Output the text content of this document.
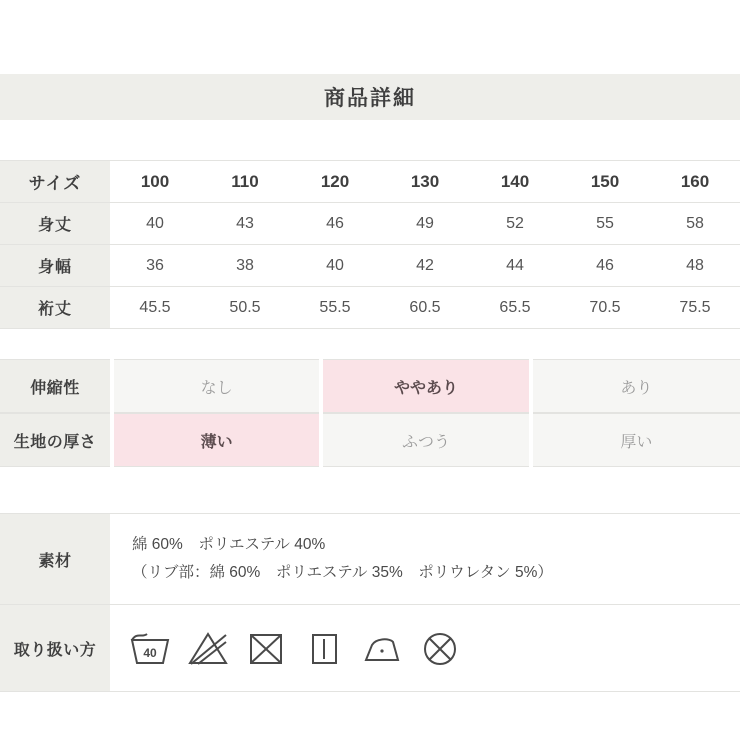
商品詳細
サイズ	100	110	120	130	140	150	160
身丈	40	43	46	49	52	55	58
身幅	36	38	40	42	44	46	48
裄丈	45.5	50.5	55.5	60.5	65.5	70.5	75.5
伸縮性	なし	ややあり	あり
生地の厚さ	薄い	ふつう	厚い
素材	綿 60%　ポリエステル 40%
（リブ部：綿 60%　ポリエステル 35%　ポリウレタン 5%）

取り扱い方	40
